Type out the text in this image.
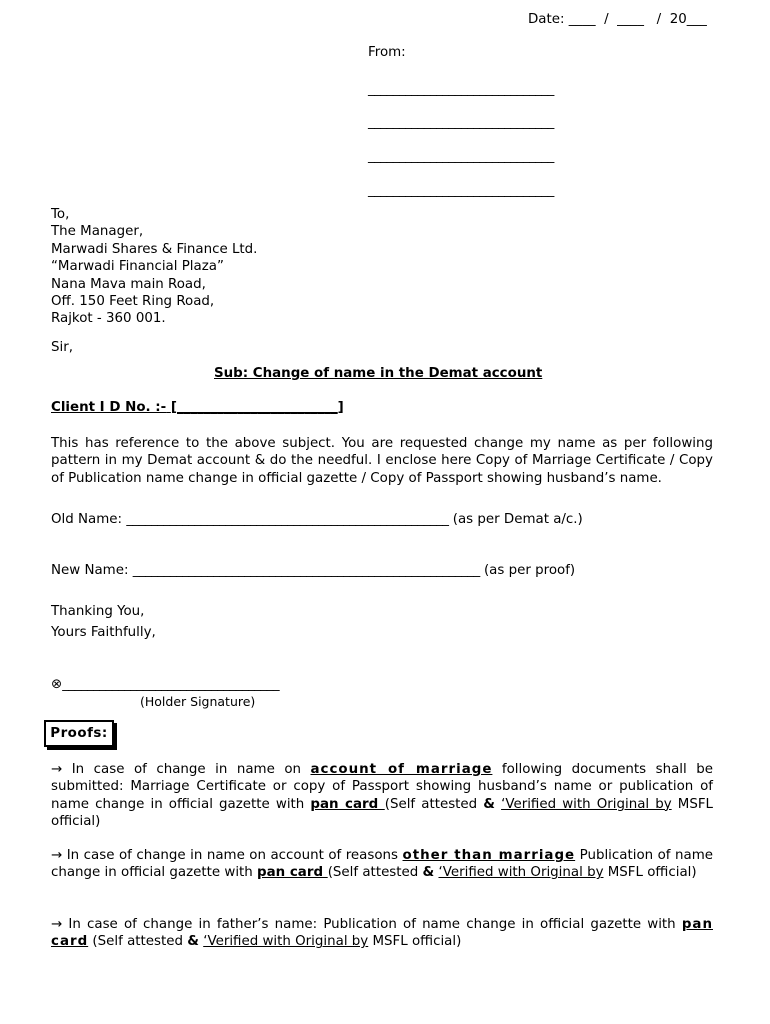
Date: ____  /  ____   /  20___
From:
______________________________
______________________________
______________________________
______________________________
To,
The Manager,
Marwadi Shares & Finance Ltd.
“Marwadi Financial Plaza”
Nana Mava main Road,
Off. 150 Feet Ring Road,
Rajkot - 360 001.
Sir,
Sub: Change of name in the Demat account
Client I D No. :- [________________________]
This has reference to the above subject. You are requested change my name as per following pattern in my Demat account & do the needful. I enclose here Copy of Marriage Certificate / Copy of Publication name change in official gazette / Copy of Passport showing husband’s name.
Old Name: ____________________________________________________ (as per Demat a/c.)
New Name: ________________________________________________________ (as per proof)
Thanking You,
Yours Faithfully,
⊗___________________________________
(Holder Signature)
Proofs:
→ In case of change in name on account of marriage following documents shall be submitted: Marriage Certificate or copy of Passport showing husband’s name or publication of name change in official gazette with pan card (Self attested & ‘Verified with Original by MSFL official)
→ In case of change in name on account of reasons other than marriage Publication of name change in official gazette with pan card (Self attested & ‘Verified with Original by MSFL official)
→ In case of change in father’s name: Publication of name change in official gazette with pan card (Self attested & ‘Verified with Original by MSFL official)
